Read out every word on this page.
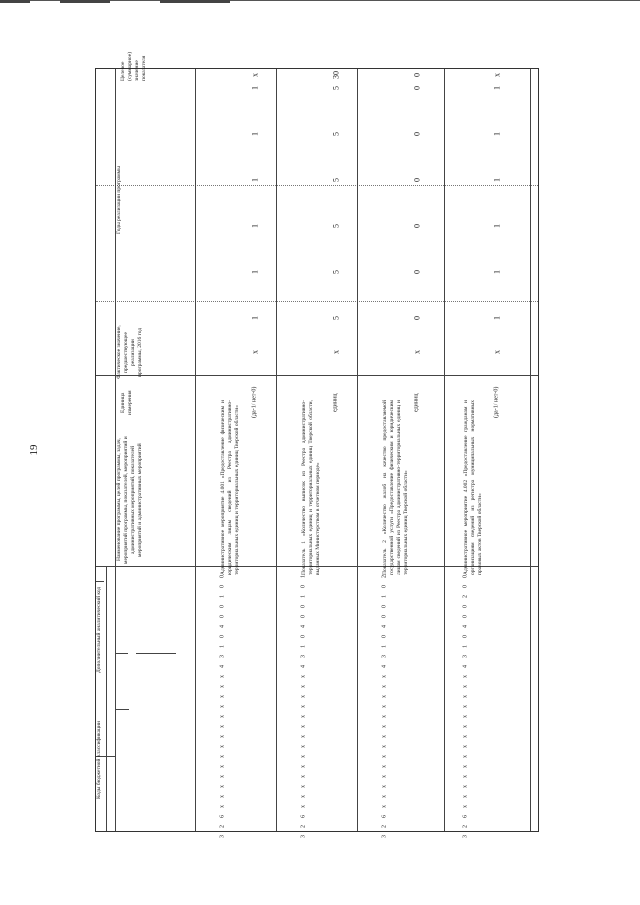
19
Коды бюджетной классификации
Дополнительный аналитический код
Наименование программы, целей программы, задач, мероприятий программы, показателей, мероприятий и административных мероприятий, показателей мероприятий и административных мероприятий
Единица измерения
Фактическое значение, предшествующее реализации программы, 2016 год
Годы реализации программы
Целевое (суммарное) значение показателя
Административное мероприятие 4.001 «Предоставление физическим и юридическим лицам сведений из Реестра административно-территориальных единиц и территориальных единиц Тверской области»
(да-1/ нет-0)
х
1
1
1
1
1
1
х
3
2
6
х
х
х
х
х
х
х
х
х
х
х
х
х
х
4
3
1
0
4
0
0
1
0
0
Показатель 1 «Количество выписок из Реестра административно-территориальных единиц и территориальных единиц Тверской области, выданных Министерством в отчетном периоде»
единиц
х
5
5
5
5
5
5
30
3
2
6
х
х
х
х
х
х
х
х
х
х
х
х
х
х
4
3
1
0
4
0
0
1
0
1
Показатель 2 «Количество жалоб на качество предоставляемой государственной услуги «Предоставление физическим и юридическим лицам сведений из Реестра административно-территориальных единиц и территориальных единиц Тверской области»
единиц
х
0
0
0
0
0
0
0
3
2
6
х
х
х
х
х
х
х
х
х
х
х
х
х
х
4
3
1
0
4
0
0
1
0
2
Административное мероприятие 4.002 «Предоставление гражданам и организациям сведений из регистра муниципальных нормативных правовых актов Тверской области»
(да-1/ нет-0)
х
1
1
1
1
1
1
х
3
2
6
х
х
х
х
х
х
х
х
х
х
х
х
х
х
4
3
1
0
4
0
0
2
0
0
